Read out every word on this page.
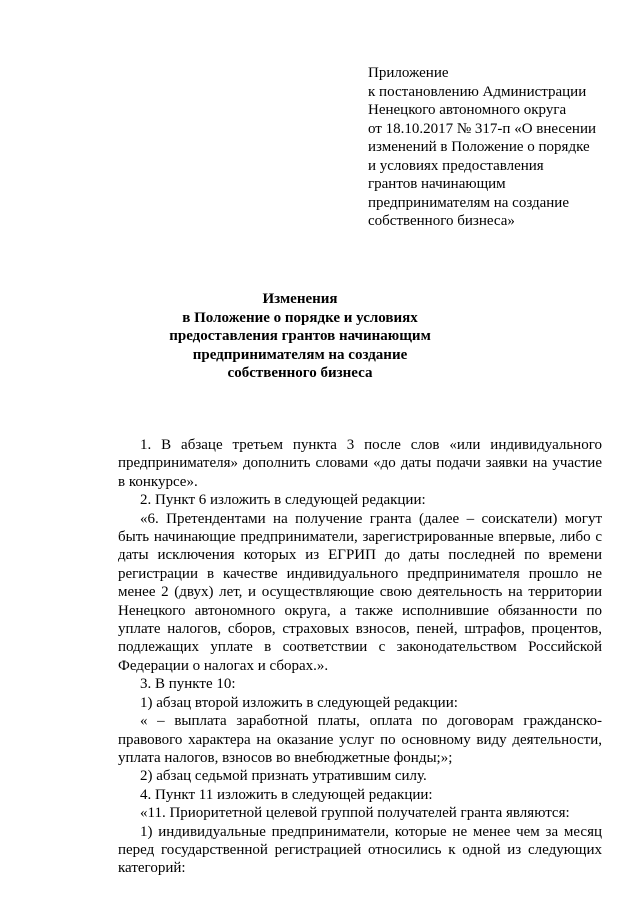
Приложение
к постановлению Администрации
Ненецкого автономного округа
от 18.10.2017 № 317-п «О внесении
изменений в Положение о порядке
и условиях предоставления
грантов начинающим
предпринимателям на создание
собственного бизнеса»
Изменения
в Положение о порядке и условиях
предоставления грантов начинающим
предпринимателям на создание
собственного бизнеса

1. В абзаце третьем пункта 3 после слов «или индивидуального предпринимателя» дополнить словами «до даты подачи заявки на участие в конкурсе».

2. Пункт 6 изложить в следующей редакции:

«6. Претендентами на получение гранта (далее – соискатели) могут быть начинающие предприниматели, зарегистрированные впервые, либо с даты исключения которых из ЕГРИП до даты последней по времени регистрации в качестве индивидуального предпринимателя прошло не менее 2 (двух) лет, и осуществляющие свою деятельность на территории Ненецкого автономного округа, а также исполнившие обязанности по уплате налогов, сборов, страховых взносов, пеней, штрафов, процентов, подлежащих уплате в соответствии с законодательством Российской Федерации о налогах и сборах.».

3. В пункте 10:

1) абзац второй изложить в следующей редакции:

« – выплата заработной платы, оплата по договорам гражданско-правового характера на оказание услуг по основному виду деятельности, уплата налогов, взносов во внебюджетные фонды;»;

2) абзац седьмой признать утратившим силу.

4. Пункт 11 изложить в следующей редакции:

«11. Приоритетной целевой группой получателей гранта являются:

1) индивидуальные предприниматели, которые не менее чем за месяц перед государственной регистрацией относились к одной из следующих категорий:
